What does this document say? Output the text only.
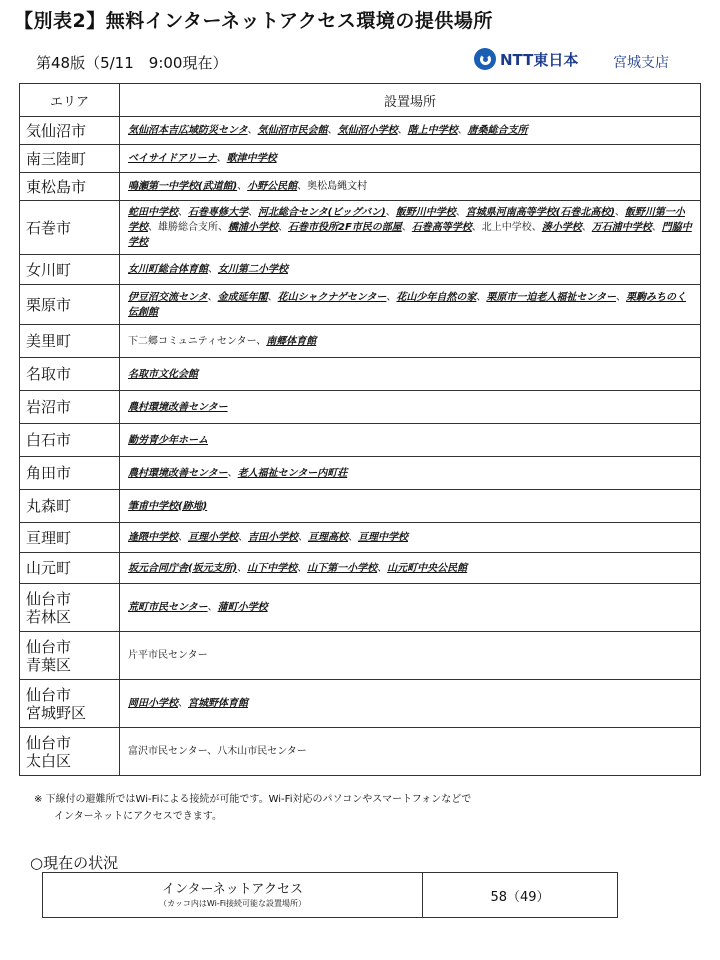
【別表2】無料インターネットアクセス環境の提供場所
第48版（5/11　9:00現在）	NTT東日本 宮城支店
エリア	設置場所
気仙沼市	気仙沼本吉広域防災センタ、気仙沼市民会館、気仙沼小学校、階上中学校、唐桑総合支所
南三陸町	ベイサイドアリーナ、歌津中学校
東松島市	鳴瀬第一中学校(武道館)、小野公民館、奥松島縄文村
石巻市	蛇田中学校、石巻専修大学、河北総合センタ(ビッグバン)、飯野川中学校、宮城県河南高等学校(石巻北高校)、飯野川第一小学校、雄勝総合支所、橋浦小学校、石巻市役所2F市民の部屋、石巻高等学校、北上中学校、湊小学校、万石浦中学校、門脇中学校
女川町	女川町総合体育館、女川第二小学校
栗原市	伊豆沼交流センタ、金成延年閣、花山シャクナゲセンター、花山少年自然の家、栗原市一迫老人福祉センター、栗駒みちのく伝創館
美里町	下二郷コミュニティセンター、南郷体育館
名取市	名取市文化会館
岩沼市	農村環境改善センター
白石市	勤労青少年ホーム
角田市	農村環境改善センター、老人福祉センター内町荘
丸森町	筆甫中学校(跡地)
亘理町	逢隈中学校、亘理小学校、吉田小学校、亘理高校、亘理中学校
山元町	坂元合同庁舎(坂元支所)、山下中学校、山下第一小学校、山元町中央公民館
仙台市
若林区	荒町市民センター、蒲町小学校
仙台市
青葉区	片平市民センター
仙台市
宮城野区	岡田小学校、宮城野体育館
仙台市
太白区	富沢市民センター、八木山市民センター
※ 下線付の避難所ではWi-Fiによる接続が可能です。Wi-Fi対応のパソコンやスマートフォンなどで
　　インターネットにアクセスできます。
○現在の状況
インターネットアクセス
（カッコ内はWi-Fi接続可能な設置場所）	58（49）
